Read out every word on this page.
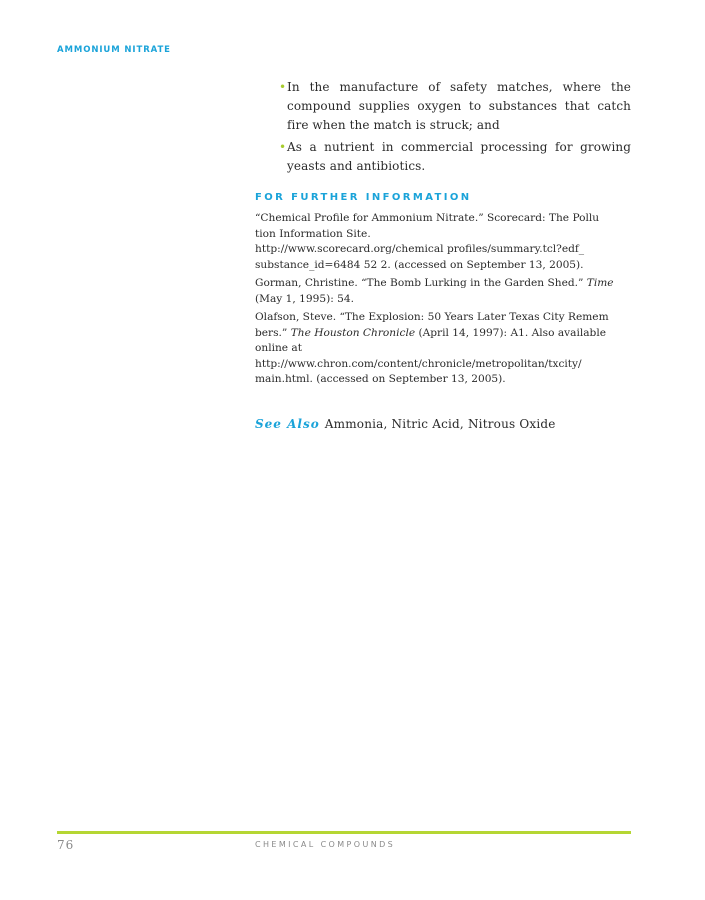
AMMONIUM NITRATE
• In the manufacture of safety matches, where the compound supplies oxygen to substances that catch fire when the match is struck; and
• As a nutrient in commercial processing for growing yeasts and antibiotics.
FOR FURTHER INFORMATION
“Chemical Profile for Ammonium Nitrate.” Scorecard: The Pollu
tion Information Site.
http://www.scorecard.org/chemical profiles/summary.tcl?edf_
substance_id=6484 52 2. (accessed on September 13, 2005).
Gorman, Christine. “The Bomb Lurking in the Garden Shed.” Time
(May 1, 1995): 54.
Olafson, Steve. “The Explosion: 50 Years Later Texas City Remem
bers.” The Houston Chronicle (April 14, 1997): A1. Also available
online at
http://www.chron.com/content/chronicle/metropolitan/txcity/
main.html. (accessed on September 13, 2005).
See Also Ammonia, Nitric Acid, Nitrous Oxide
76	CHEMICAL COMPOUNDS
